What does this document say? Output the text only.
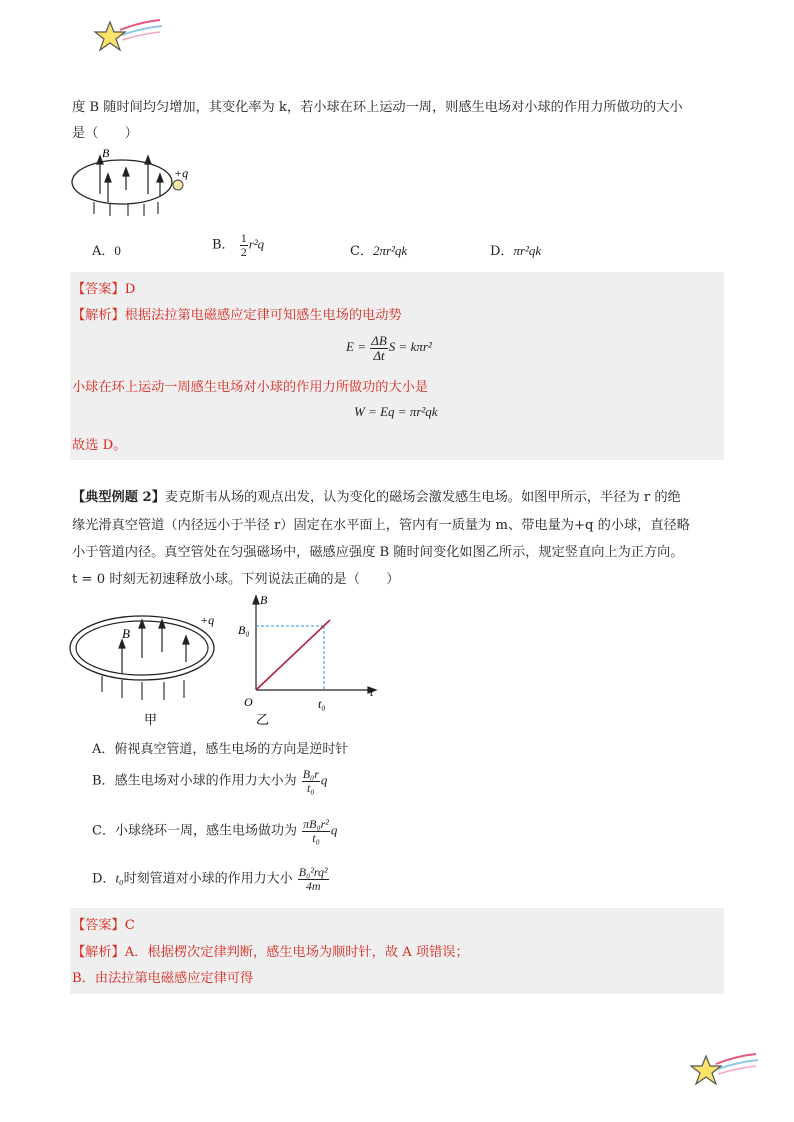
度 B 随时间均匀增加，其变化率为 k，若小球在环上运动一周，则感生电场对小球的作用力所做功的大小
是（　　）
B
+q
A．0	B． $\frac{1}{2} r^2q$	C．2πr²qk	D．πr²qk
【答案】D
【解析】根据法拉第电磁感应定律可知感生电场的电动势
$E = \frac{\Delta B}{\Delta t}$ S = kπr²
小球在环上运动一周感生电场对小球的作用力所做功的大小是
W = Eq = πr²qk
故选 D。
【典型例题 2】麦克斯韦从场的观点出发，认为变化的磁场会激发感生电场。如图甲所示，半径为 r 的绝
缘光滑真空管道（内径远小于半径 r）固定在水平面上，管内有一质量为 m、带电量为+q 的小球，直径略
小于管道内径。真空管处在匀强磁场中，磁感应强度 B 随时间变化如图乙所示，规定竖直向上为正方向。
t = 0 时刻无初速释放小球。下列说法正确的是（　　）
B
+q
甲
B
t
O
B₀
t₀
乙
A．俯视真空管道，感生电场的方向是逆时针
B．感生电场对小球的作用力大小为 $\frac{\text{B₀r}}{\text{t₀}}$ q
C．小球绕环一周，感生电场做功为 $\frac{\text{πB₀r²}}{\text{t₀}}$ q
D．t₀时刻管道对小球的作用力大小 $\frac{\text{B₀²rq²}}{4m}$
【答案】C
【解析】A．根据楞次定律判断，感生电场为顺时针，故 A 项错误；
B．由法拉第电磁感应定律可得
